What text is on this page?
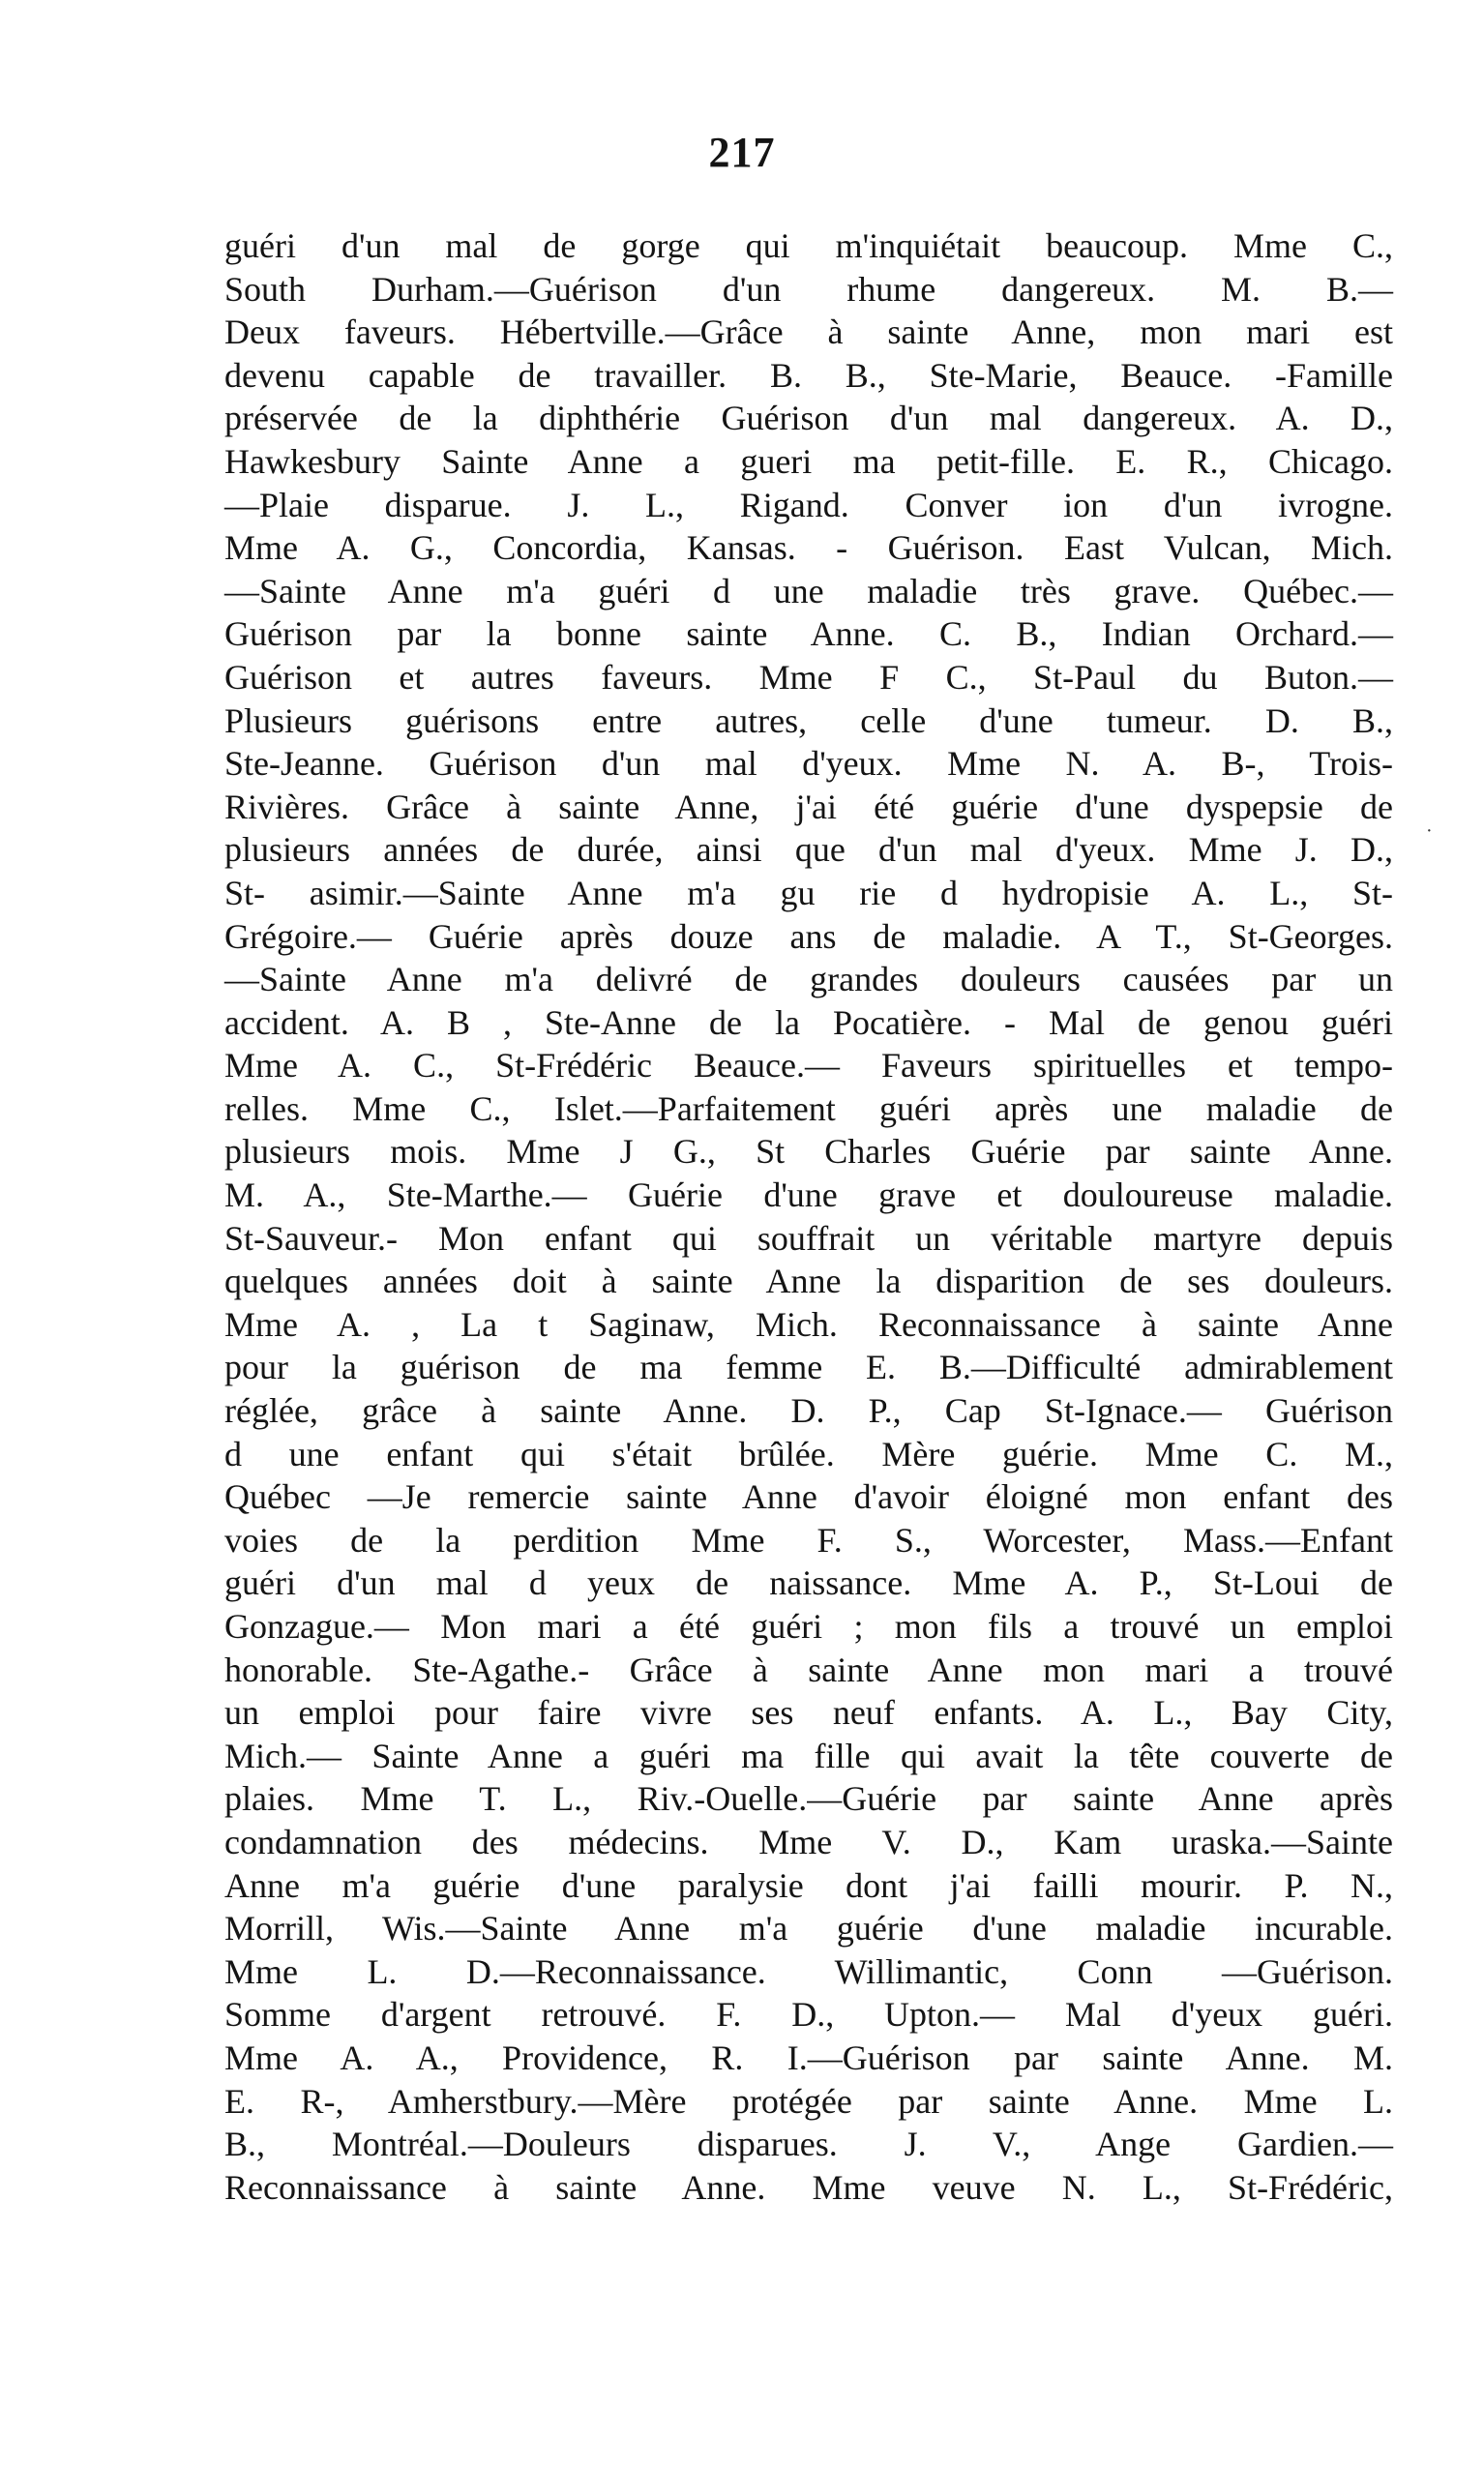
217
guéri d'un mal de gorge qui m'inquiétait beaucoup. Mme C.,
South Durham.—Guérison d'un rhume dangereux. M. B.—
Deux faveurs. Hébertville.—Grâce à sainte Anne, mon mari est
devenu capable de travailler. B. B., Ste-Marie, Beauce. -Famille
préservée de la diphthérie Guérison d'un mal dangereux. A. D.,
Hawkesbury Sainte Anne a gueri ma petit-fille. E. R., Chicago.
—Plaie disparue. J. L., Rigand. Conver ion d'un ivrogne.
Mme A. G., Concordia, Kansas. - Guérison. East Vulcan, Mich.
—Sainte Anne m'a guéri d une maladie très grave. Québec.—
Guérison par la bonne sainte Anne. C. B., Indian Orchard.—
Guérison et autres faveurs. Mme F C., St-Paul du Buton.—
Plusieurs guérisons entre autres, celle d'une tumeur. D. B.,
Ste-Jeanne. Guérison d'un mal d'yeux. Mme N. A. B-, Trois-
Rivières. Grâce à sainte Anne, j'ai été guérie d'une dyspepsie de
plusieurs années de durée, ainsi que d'un mal d'yeux. Mme J. D.,
St- asimir.—Sainte Anne m'a gu rie d hydropisie A. L., St-
Grégoire.— Guérie après douze ans de maladie. A T., St-Georges.
—Sainte Anne m'a delivré de grandes douleurs causées par un
accident. A. B , Ste-Anne de la Pocatière. - Mal de genou guéri
Mme A. C., St-Frédéric Beauce.— Faveurs spirituelles et tempo-
relles. Mme C., Islet.—Parfaitement guéri après une maladie de
plusieurs mois. Mme J G., St Charles Guérie par sainte Anne.
M. A., Ste-Marthe.— Guérie d'une grave et douloureuse maladie.
St-Sauveur.- Mon enfant qui souffrait un véritable martyre depuis
quelques années doit à sainte Anne la disparition de ses douleurs.
Mme A. , La t Saginaw, Mich. Reconnaissance à sainte Anne
pour la guérison de ma femme E. B.—Difficulté admirablement
réglée, grâce à sainte Anne. D. P., Cap St-Ignace.— Guérison
d une enfant qui s'était brûlée. Mère guérie. Mme C. M.,
Québec —Je remercie sainte Anne d'avoir éloigné mon enfant des
voies de la perdition Mme F. S., Worcester, Mass.—Enfant
guéri d'un mal d yeux de naissance. Mme A. P., St-Loui de
Gonzague.— Mon mari a été guéri ; mon fils a trouvé un emploi
honorable. Ste-Agathe.- Grâce à sainte Anne mon mari a trouvé
un emploi pour faire vivre ses neuf enfants. A. L., Bay City,
Mich.— Sainte Anne a guéri ma fille qui avait la tête couverte de
plaies. Mme T. L., Riv.-Ouelle.—Guérie par sainte Anne après
condamnation des médecins. Mme V. D., Kam uraska.—Sainte
Anne m'a guérie d'une paralysie dont j'ai failli mourir. P. N.,
Morrill, Wis.—Sainte Anne m'a guérie d'une maladie incurable.
Mme L. D.—Reconnaissance. Willimantic, Conn —Guérison.
Somme d'argent retrouvé. F. D., Upton.— Mal d'yeux guéri.
Mme A. A., Providence, R. I.—Guérison par sainte Anne. M.
E. R-, Amherstbury.—Mère protégée par sainte Anne. Mme L.
B., Montréal.—Douleurs disparues. J. V., Ange Gardien.—
Reconnaissance à sainte Anne. Mme veuve N. L., St-Frédéric,
·
